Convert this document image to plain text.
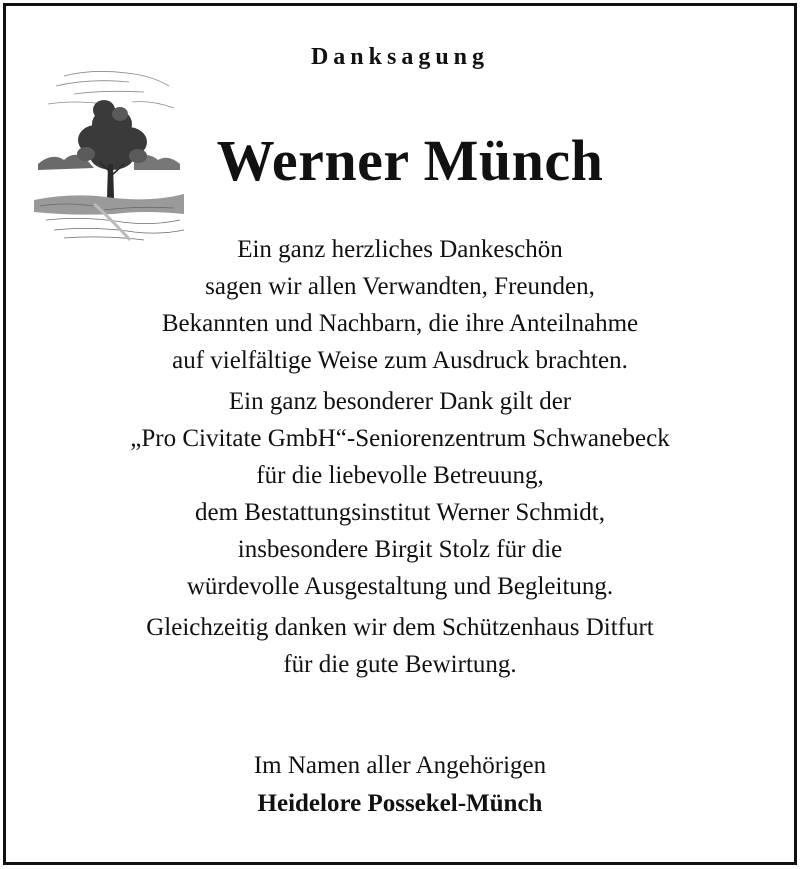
Danksagung
Werner Münch

Ein ganz herzliches Dankeschön

sagen wir allen Verwandten, Freunden,

Bekannten und Nachbarn, die ihre Anteilnahme

auf vielfältige Weise zum Ausdruck brachten.

Ein ganz besonderer Dank gilt der

„Pro Civitate GmbH“-Seniorenzentrum Schwanebeck

für die liebevolle Betreuung,

dem Bestattungsinstitut Werner Schmidt,

insbesondere Birgit Stolz für die

würdevolle Ausgestaltung und Begleitung.

Gleichzeitig danken wir dem Schützenhaus Ditfurt

für die gute Bewirtung.

Im Namen aller Angehörigen
Heidelore Possekel-Münch
